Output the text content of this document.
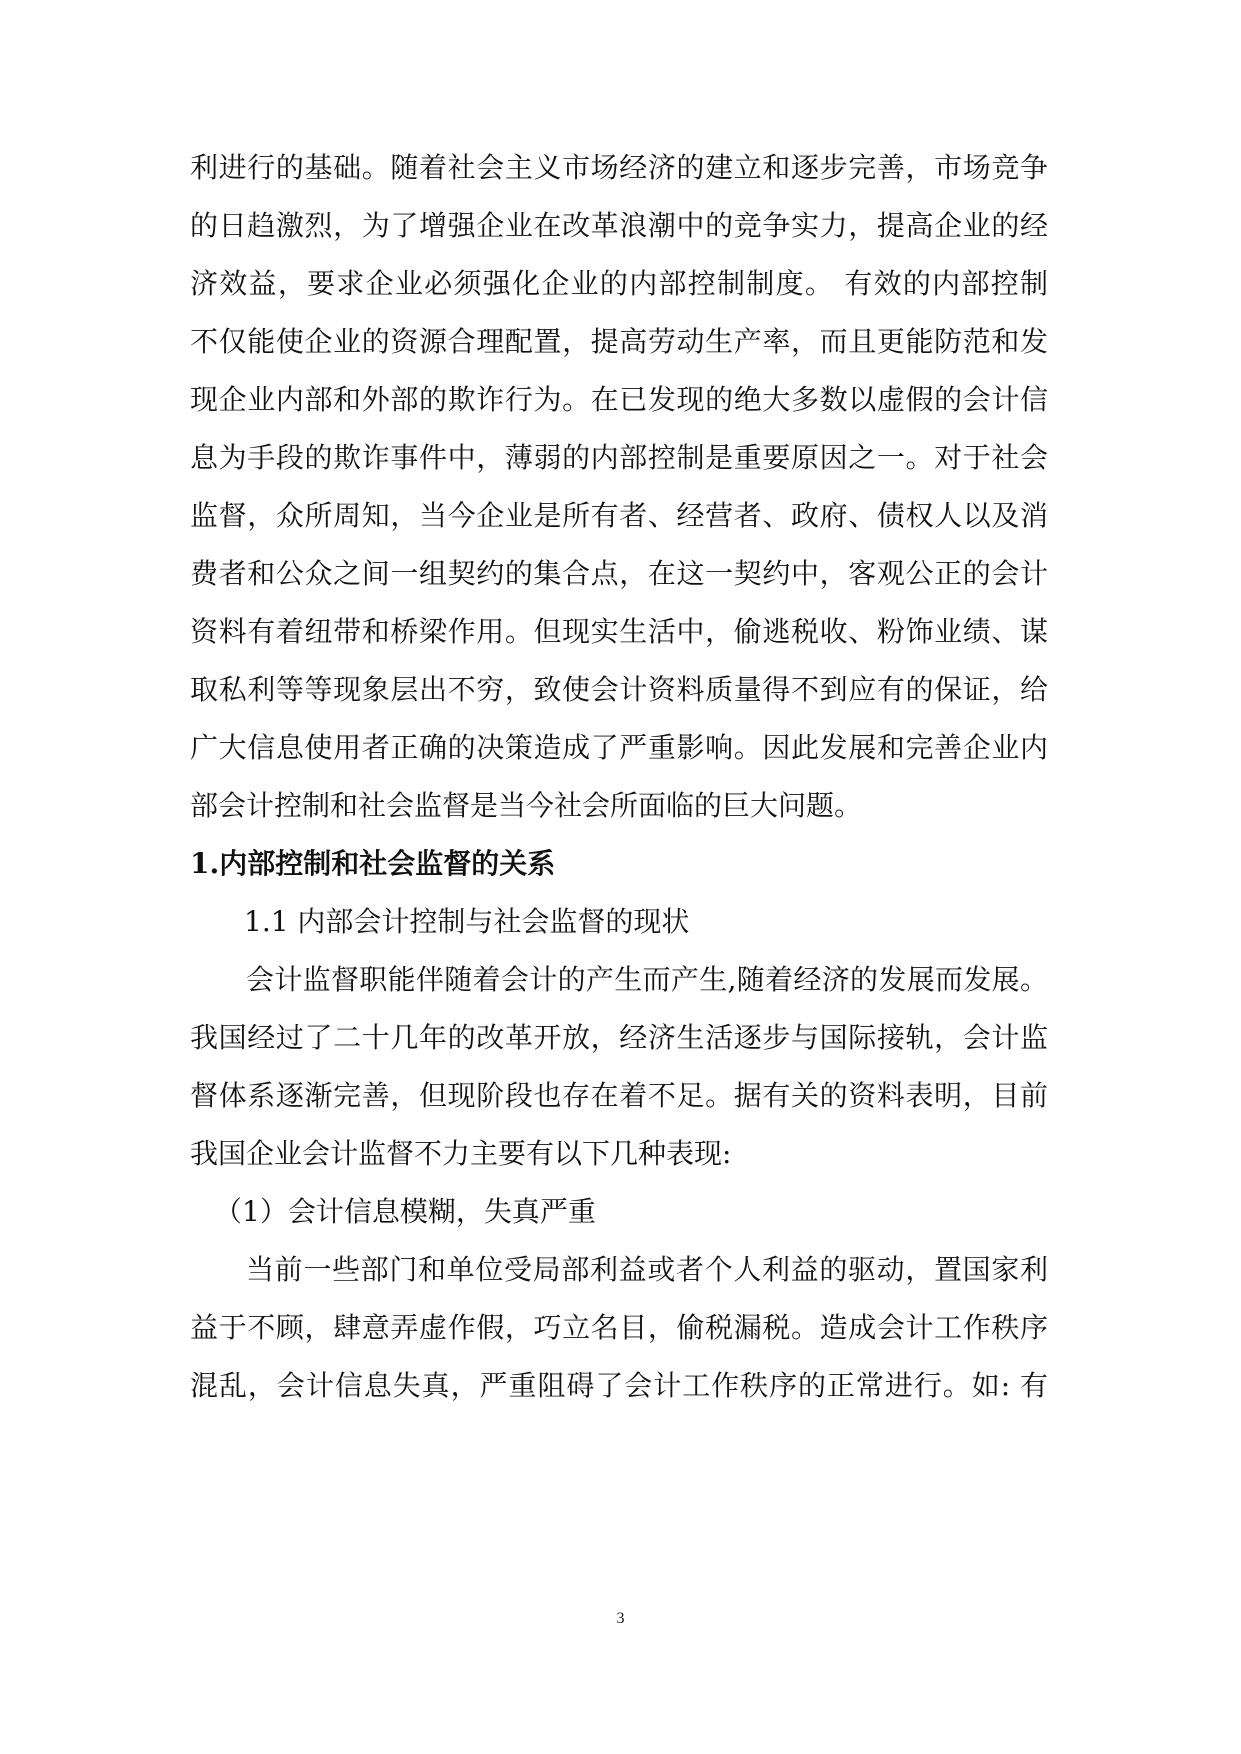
利进行的基础。随着社会主义市场经济的建立和逐步完善，市场竞争
的日趋激烈，为了增强企业在改革浪潮中的竞争实力，提高企业的经
济效益，要求企业必须强化企业的内部控制制度。 有效的内部控制
不仅能使企业的资源合理配置，提高劳动生产率，而且更能防范和发
现企业内部和外部的欺诈行为。在已发现的绝大多数以虚假的会计信
息为手段的欺诈事件中，薄弱的内部控制是重要原因之一。对于社会
监督，众所周知，当今企业是所有者、经营者、政府、债权人以及消
费者和公众之间一组契约的集合点，在这一契约中，客观公正的会计
资料有着纽带和桥梁作用。但现实生活中，偷逃税收、粉饰业绩、谋
取私利等等现象层出不穷，致使会计资料质量得不到应有的保证，给
广大信息使用者正确的决策造成了严重影响。因此发展和完善企业内
部会计控制和社会监督是当今社会所面临的巨大问题。
1.内部控制和社会监督的关系
1.1 内部会计控制与社会监督的现状
会计监督职能伴随着会计的产生而产生,随着经济的发展而发展。
我国经过了二十几年的改革开放，经济生活逐步与国际接轨，会计监
督体系逐渐完善，但现阶段也存在着不足。据有关的资料表明，目前
我国企业会计监督不力主要有以下几种表现:
（1）会计信息模糊，失真严重
当前一些部门和单位受局部利益或者个人利益的驱动，置国家利
益于不顾，肆意弄虚作假，巧立名目，偷税漏税。造成会计工作秩序
混乱，会计信息失真，严重阻碍了会计工作秩序的正常进行。如: 有
3
